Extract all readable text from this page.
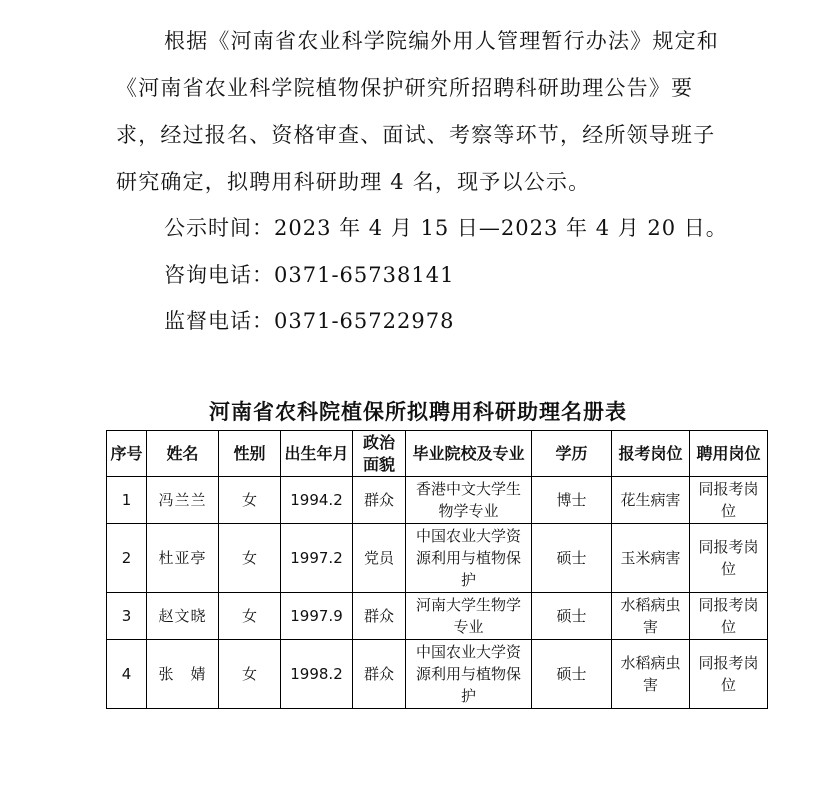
根据《河南省农业科学院编外用人管理暂行办法》规定和《河南省农业科学院植物保护研究所招聘科研助理公告》要求，经过报名、资格审查、面试、考察等环节，经所领导班子研究确定，拟聘用科研助理 4 名，现予以公示。

公示时间：2023 年 4 月 15 日—2023 年 4 月 20 日。

咨询电话：0371-65738141

监督电话：0371-65722978

河南省农科院植保所拟聘用科研助理名册表

序号	姓名	性别	出生年月	政治面貌	毕业院校及专业	学历	报考岗位	聘用岗位
1	冯兰兰	女	1994.2	群众	香港中文大学生物学专业	博士	花生病害	同报考岗位
2	杜亚亭	女	1997.2	党员	中国农业大学资源利用与植物保护	硕士	玉米病害	同报考岗位
3	赵文晓	女	1997.9	群众	河南大学生物学专业	硕士	水稻病虫害	同报考岗位
4	张　婧	女	1998.2	群众	中国农业大学资源利用与植物保护	硕士	水稻病虫害	同报考岗位
